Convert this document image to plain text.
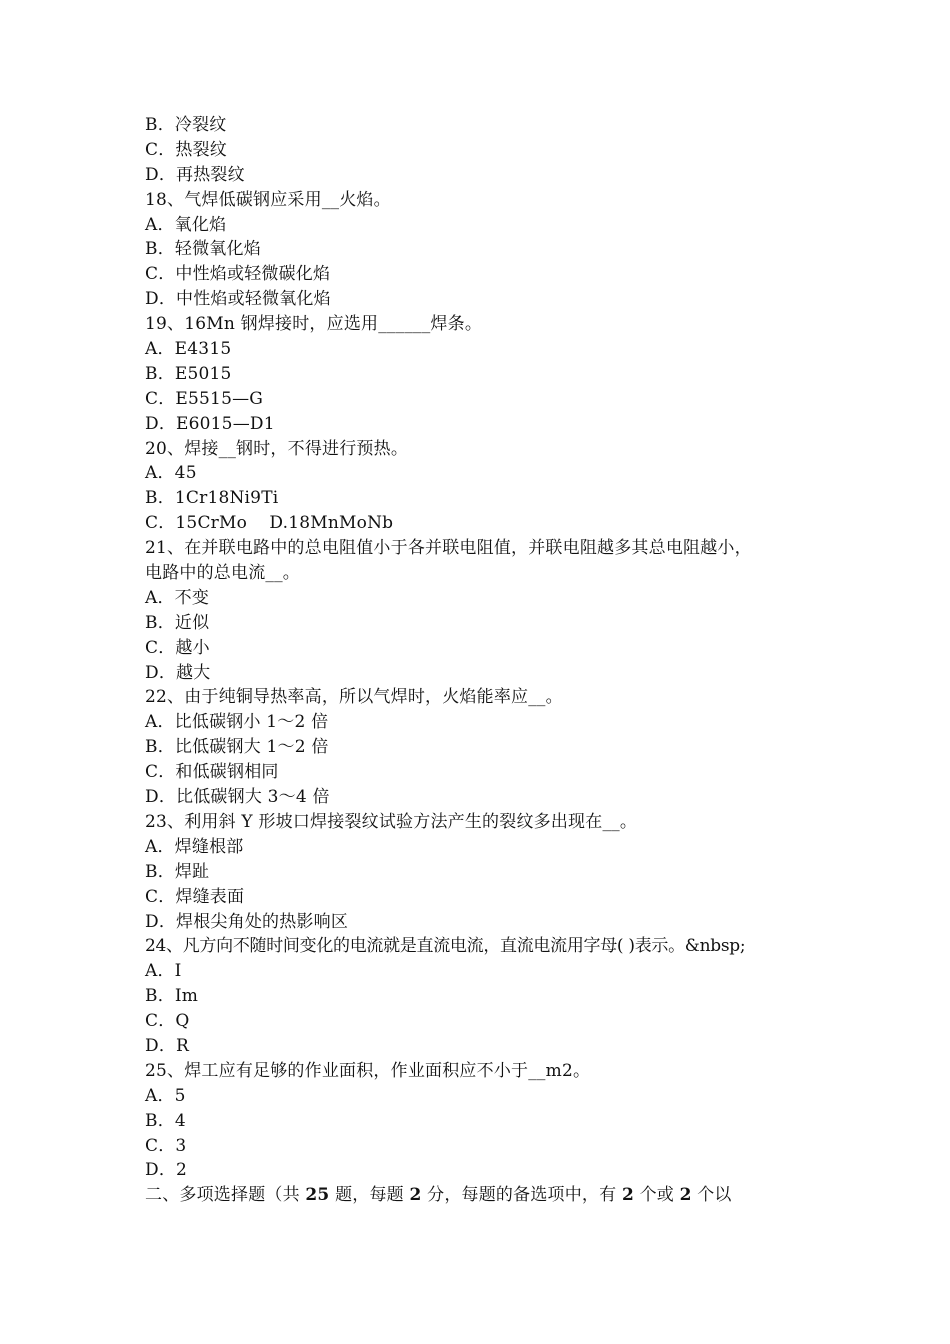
B．冷裂纹
C．热裂纹
D．再热裂纹
18、气焊低碳钢应采用__火焰。
A．氧化焰
B．轻微氧化焰
C．中性焰或轻微碳化焰
D．中性焰或轻微氧化焰
19、16Mn 钢焊接时，应选用______焊条。
A．E4315
B．E5015
C．E5515—G
D．E6015—D1
20、焊接__钢时，不得进行预热。
A．45
B．1Cr18Ni9Ti
C．15CrMo    D.18MnMoNb
21、在并联电路中的总电阻值小于各并联电阻值，并联电阻越多其总电阻越小，
电路中的总电流__。
A．不变
B．近似
C．越小
D．越大
22、由于纯铜导热率高，所以气焊时，火焰能率应__。
A．比低碳钢小 1～2 倍
B．比低碳钢大 1～2 倍
C．和低碳钢相同
D．比低碳钢大 3～4 倍
23、利用斜 Y 形坡口焊接裂纹试验方法产生的裂纹多出现在__。
A．焊缝根部
B．焊趾
C．焊缝表面
D．焊根尖角处的热影响区
24、凡方向不随时间变化的电流就是直流电流，直流电流用字母( )表示。&nbsp;
A．I
B．Im
C．Q
D．R
25、焊工应有足够的作业面积，作业面积应不小于__m2。
A．5
B．4
C．3
D．2
二、多项选择题（共 25 题，每题 2 分，每题的备选项中，有 2 个或 2 个以
